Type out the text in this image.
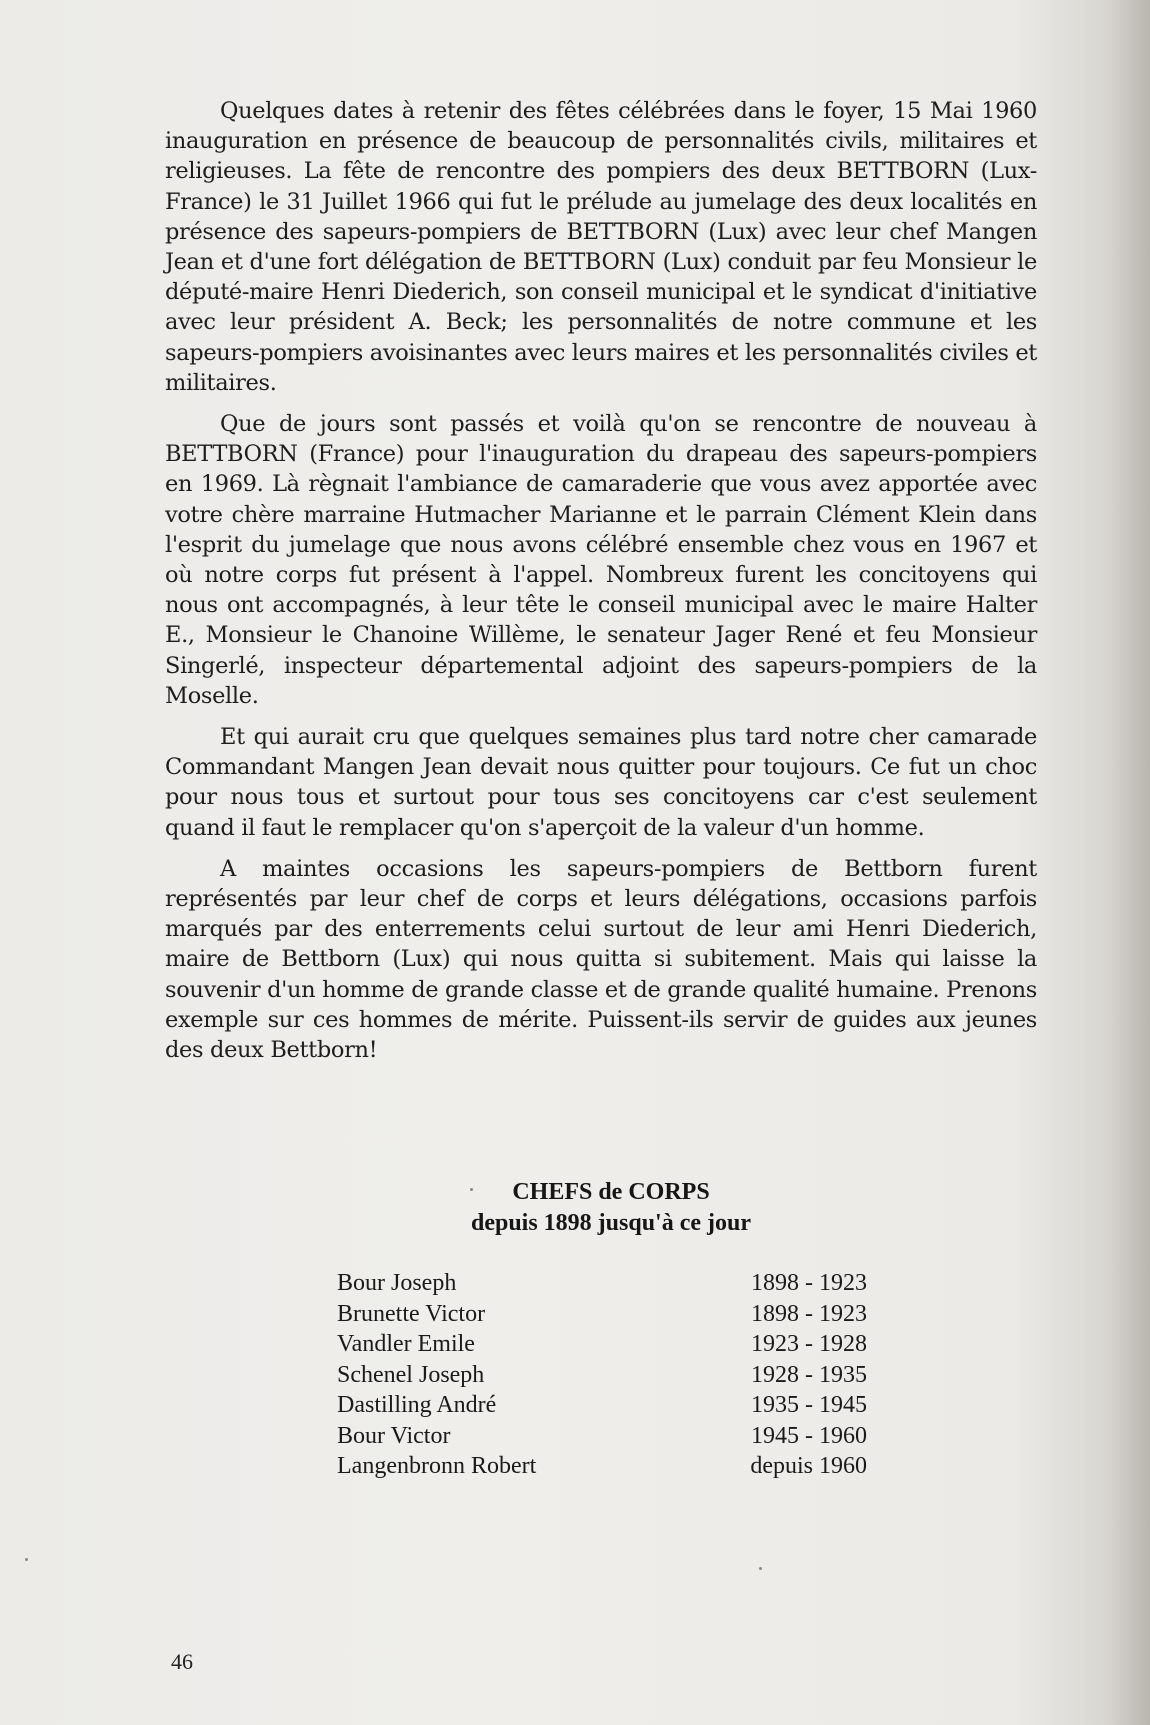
Quelques dates à retenir des fêtes célébrées dans le foyer, 15 Mai 1960 inauguration en présence de beaucoup de personnalités civils, militaires et religieuses. La fête de rencontre des pompiers des deux BETTBORN (Lux-France) le 31 Juillet 1966 qui fut le prélude au jumelage des deux localités en présence des sapeurs-pompiers de BETTBORN (Lux) avec leur chef Mangen Jean et d'une fort délégation de BETTBORN (Lux) conduit par feu Monsieur le député-maire Henri Diederich, son conseil municipal et le syndicat d'initiative avec leur président A. Beck; les personnalités de notre commune et les sapeurs-pompiers avoisinantes avec leurs maires et les personnalités civiles et militaires.

Que de jours sont passés et voilà qu'on se rencontre de nouveau à BETTBORN (France) pour l'inauguration du drapeau des sapeurs-pompiers en 1969. Là règnait l'ambiance de camaraderie que vous avez apportée avec votre chère marraine Hutmacher Marianne et le parrain Clément Klein dans l'esprit du jumelage que nous avons célébré ensemble chez vous en 1967 et où notre corps fut présent à l'appel. Nombreux furent les concitoyens qui nous ont accompagnés, à leur tête le conseil municipal avec le maire Halter E., Monsieur le Chanoine Willème, le senateur Jager René et feu Monsieur Singerlé, inspecteur départemental adjoint des sapeurs-pompiers de la Moselle.

Et qui aurait cru que quelques semaines plus tard notre cher camarade Commandant Mangen Jean devait nous quitter pour toujours. Ce fut un choc pour nous tous et surtout pour tous ses concitoyens car c'est seulement quand il faut le remplacer qu'on s'aperçoit de la valeur d'un homme.

A maintes occasions les sapeurs-pompiers de Bettborn furent représentés par leur chef de corps et leurs délégations, occasions parfois marqués par des enterrements celui surtout de leur ami Henri Diederich, maire de Bettborn (Lux) qui nous quitta si subitement. Mais qui laisse la souvenir d'un homme de grande classe et de grande qualité humaine. Prenons exemple sur ces hommes de mérite. Puissent-ils servir de guides aux jeunes des deux Bettborn!

CHEFS de CORPS
depuis 1898 jusqu'à ce jour
Bour Joseph	1898 - 1923
Brunette Victor	1898 - 1923
Vandler Emile	1923 - 1928
Schenel Joseph	1928 - 1935
Dastilling André	1935 - 1945
Bour Victor	1945 - 1960
Langenbronn Robert	depuis 1960
46
